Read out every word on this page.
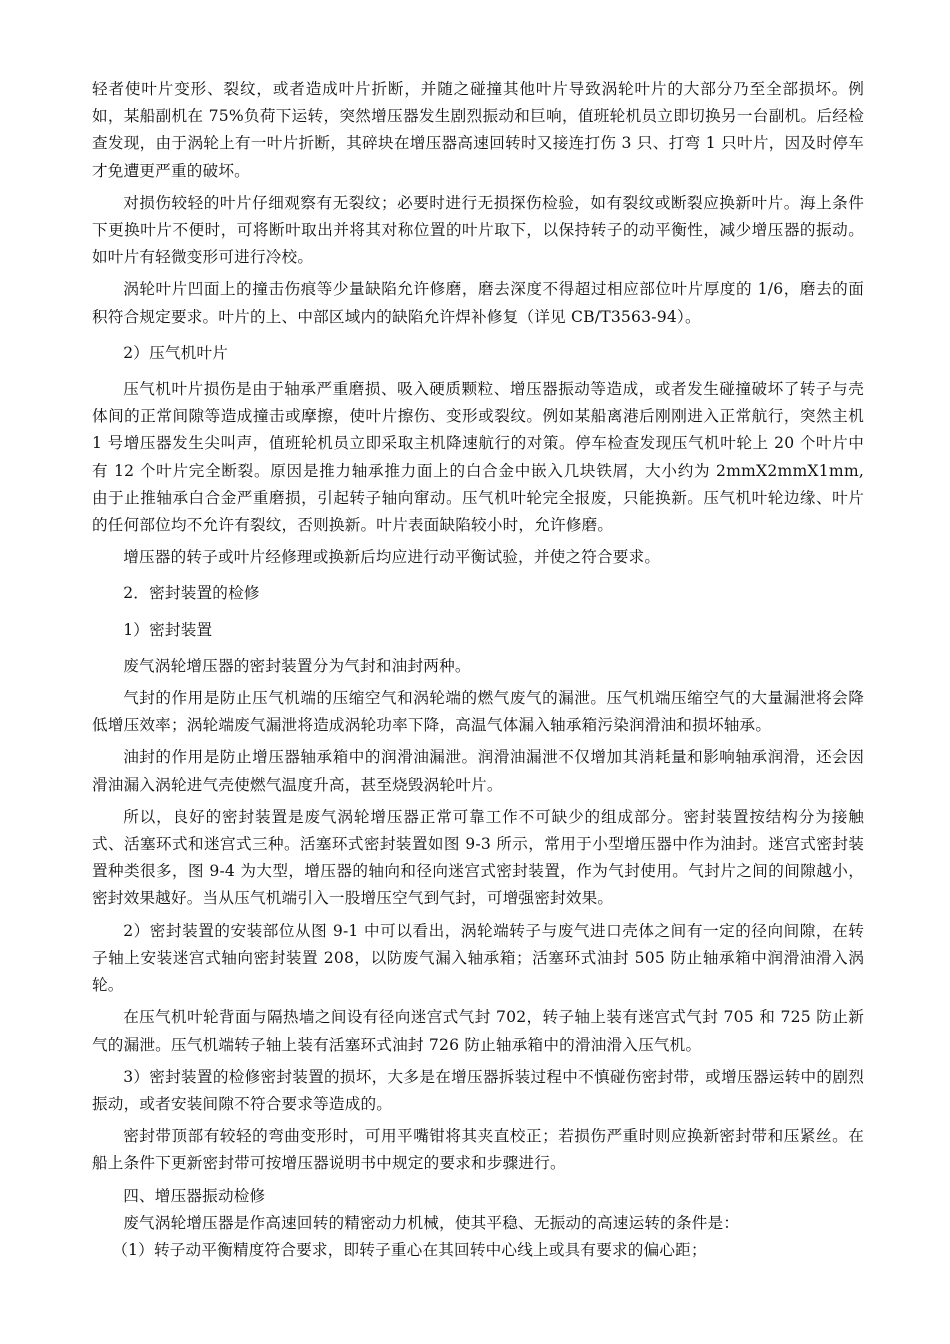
轻者使叶片变形、裂纹，或者造成叶片折断，并随之碰撞其他叶片导致涡轮叶片的大部分乃至全部损坏。例如，某船副机在 75%负荷下运转，突然增压器发生剧烈振动和巨响，值班轮机员立即切换另一台副机。后经检查发现，由于涡轮上有一叶片折断，其碎块在增压器高速回转时又接连打伤 3 只、打弯 1 只叶片，因及时停车才免遭更严重的破坏。

对损伤较轻的叶片仔细观察有无裂纹；必要时进行无损探伤检验，如有裂纹或断裂应换新叶片。海上条件下更换叶片不便时，可将断叶取出并将其对称位置的叶片取下，以保持转子的动平衡性，减少增压器的振动。如叶片有轻微变形可进行冷校。

涡轮叶片凹面上的撞击伤痕等少量缺陷允许修磨，磨去深度不得超过相应部位叶片厚度的 1/6，磨去的面积符合规定要求。叶片的上、中部区域内的缺陷允许焊补修复（详见 CB/T3563-94）。

2）压气机叶片

压气机叶片损伤是由于轴承严重磨损、吸入硬质颗粒、增压器振动等造成，或者发生碰撞破坏了转子与壳体间的正常间隙等造成撞击或摩擦，使叶片擦伤、变形或裂纹。例如某船离港后刚刚进入正常航行，突然主机 1 号增压器发生尖叫声，值班轮机员立即采取主机降速航行的对策。停车检查发现压气机叶轮上 20 个叶片中有 12 个叶片完全断裂。原因是推力轴承推力面上的白合金中嵌入几块铁屑，大小约为 2mmX2mmX1mm, 由于止推轴承白合金严重磨损，引起转子轴向窜动。压气机叶轮完全报废，只能换新。压气机叶轮边缘、叶片的任何部位均不允许有裂纹，否则换新。叶片表面缺陷较小时，允许修磨。

增压器的转子或叶片经修理或换新后均应进行动平衡试验，并使之符合要求。

2．密封装置的检修

1）密封装置

废气涡轮增压器的密封装置分为气封和油封两种。

气封的作用是防止压气机端的压缩空气和涡轮端的燃气废气的漏泄。压气机端压缩空气的大量漏泄将会降低增压效率；涡轮端废气漏泄将造成涡轮功率下降，高温气体漏入轴承箱污染润滑油和损坏轴承。

油封的作用是防止增压器轴承箱中的润滑油漏泄。润滑油漏泄不仅增加其消耗量和影响轴承润滑，还会因滑油漏入涡轮进气壳使燃气温度升高，甚至烧毁涡轮叶片。

所以，良好的密封装置是废气涡轮增压器正常可靠工作不可缺少的组成部分。密封装置按结构分为接触式、活塞环式和迷宫式三种。活塞环式密封装置如图 9-3 所示，常用于小型增压器中作为油封。迷宫式密封装置种类很多，图 9-4 为大型，增压器的轴向和径向迷宫式密封装置，作为气封使用。气封片之间的间隙越小，密封效果越好。当从压气机端引入一股增压空气到气封，可增强密封效果。

2）密封装置的安装部位从图 9-1 中可以看出，涡轮端转子与废气进口壳体之间有一定的径向间隙，在转子轴上安装迷宫式轴向密封装置 208，以防废气漏入轴承箱；活塞环式油封 505 防止轴承箱中润滑油滑入涡轮。

在压气机叶轮背面与隔热墙之间设有径向迷宫式气封 702，转子轴上装有迷宫式气封 705 和 725 防止新气的漏泄。压气机端转子轴上装有活塞环式油封 726 防止轴承箱中的滑油滑入压气机。

3）密封装置的检修密封装置的损坏，大多是在增压器拆装过程中不慎碰伤密封带，或增压器运转中的剧烈振动，或者安装间隙不符合要求等造成的。

密封带顶部有较轻的弯曲变形时，可用平嘴钳将其夹直校正；若损伤严重时则应换新密封带和压紧丝。在船上条件下更新密封带可按增压器说明书中规定的要求和步骤进行。

四、增压器振动检修

废气涡轮增压器是作高速回转的精密动力机械，使其平稳、无振动的高速运转的条件是：

（1）转子动平衡精度符合要求，即转子重心在其回转中心线上或具有要求的偏心距；
